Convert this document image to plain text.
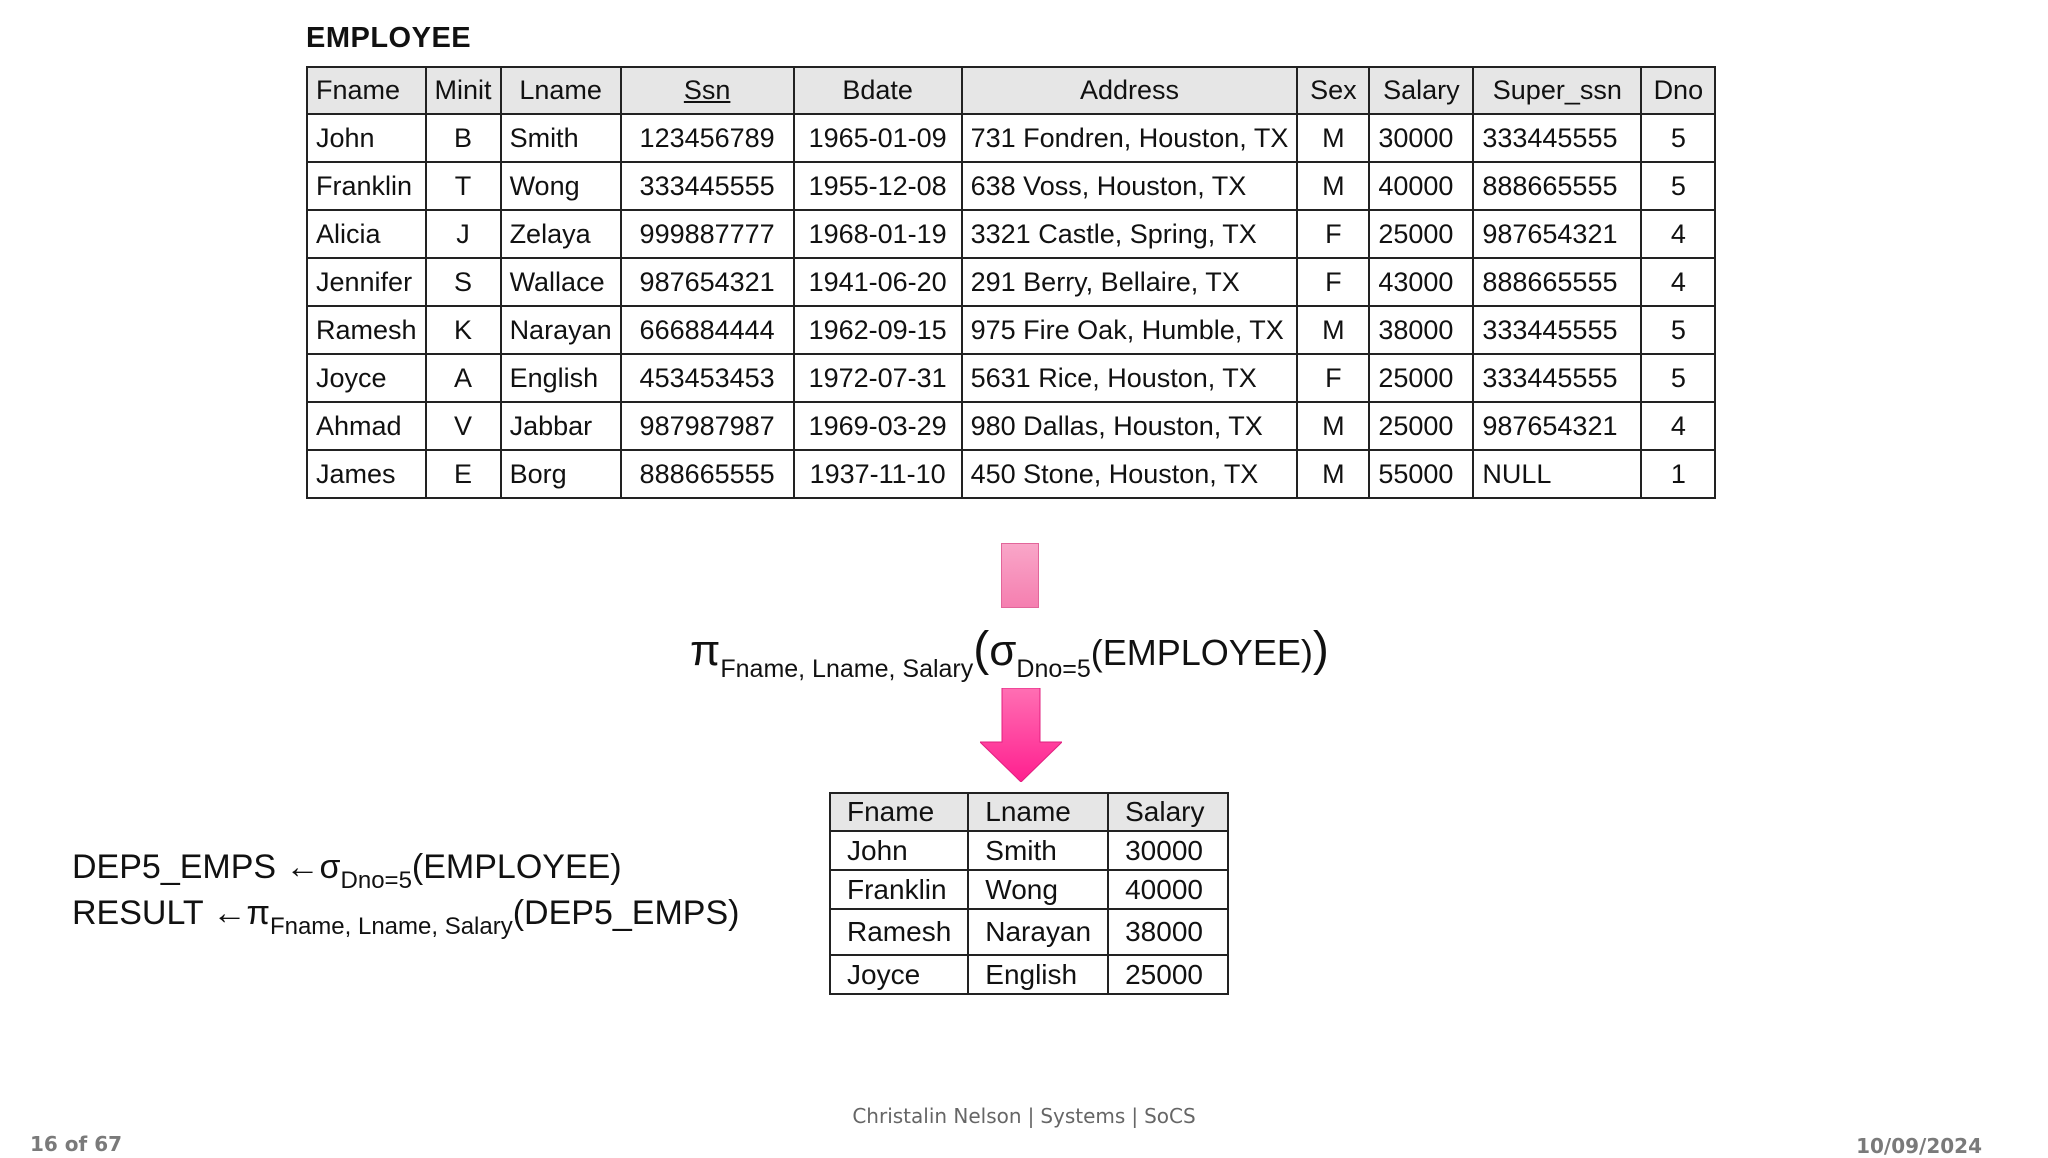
EMPLOYEE
Fname	Minit	Lname	Ssn	Bdate	Address	Sex	Salary	Super_ssn	Dno
John	B	Smith	123456789	1965-01-09	731 Fondren, Houston, TX	M	30000	333445555	5
Franklin	T	Wong	333445555	1955-12-08	638 Voss, Houston, TX	M	40000	888665555	5
Alicia	J	Zelaya	999887777	1968-01-19	3321 Castle, Spring, TX	F	25000	987654321	4
Jennifer	S	Wallace	987654321	1941-06-20	291 Berry, Bellaire, TX	F	43000	888665555	4
Ramesh	K	Narayan	666884444	1962-09-15	975 Fire Oak, Humble, TX	M	38000	333445555	5
Joyce	A	English	453453453	1972-07-31	5631 Rice, Houston, TX	F	25000	333445555	5
Ahmad	V	Jabbar	987987987	1969-03-29	980 Dallas, Houston, TX	M	25000	987654321	4
James	E	Borg	888665555	1937-11-10	450 Stone, Houston, TX	M	55000	NULL	1
$\pi_{Fname, Lname, Salary}(\sigma_{Dno=5}(EMPLOYEE))$
Fname	Lname	Salary
John	Smith	30000
Franklin	Wong	40000
Ramesh	Narayan	38000
Joyce	English	25000
DEP5_EMPS $\leftarrow\sigma_{Dno=5}(EMPLOYEE)$
RESULT $\leftarrow\pi_{Fname, Lname, Salary}(DEP5\_EMPS)$
Christalin Nelson | Systems | SoCS
16 of 67	10/09/2024
